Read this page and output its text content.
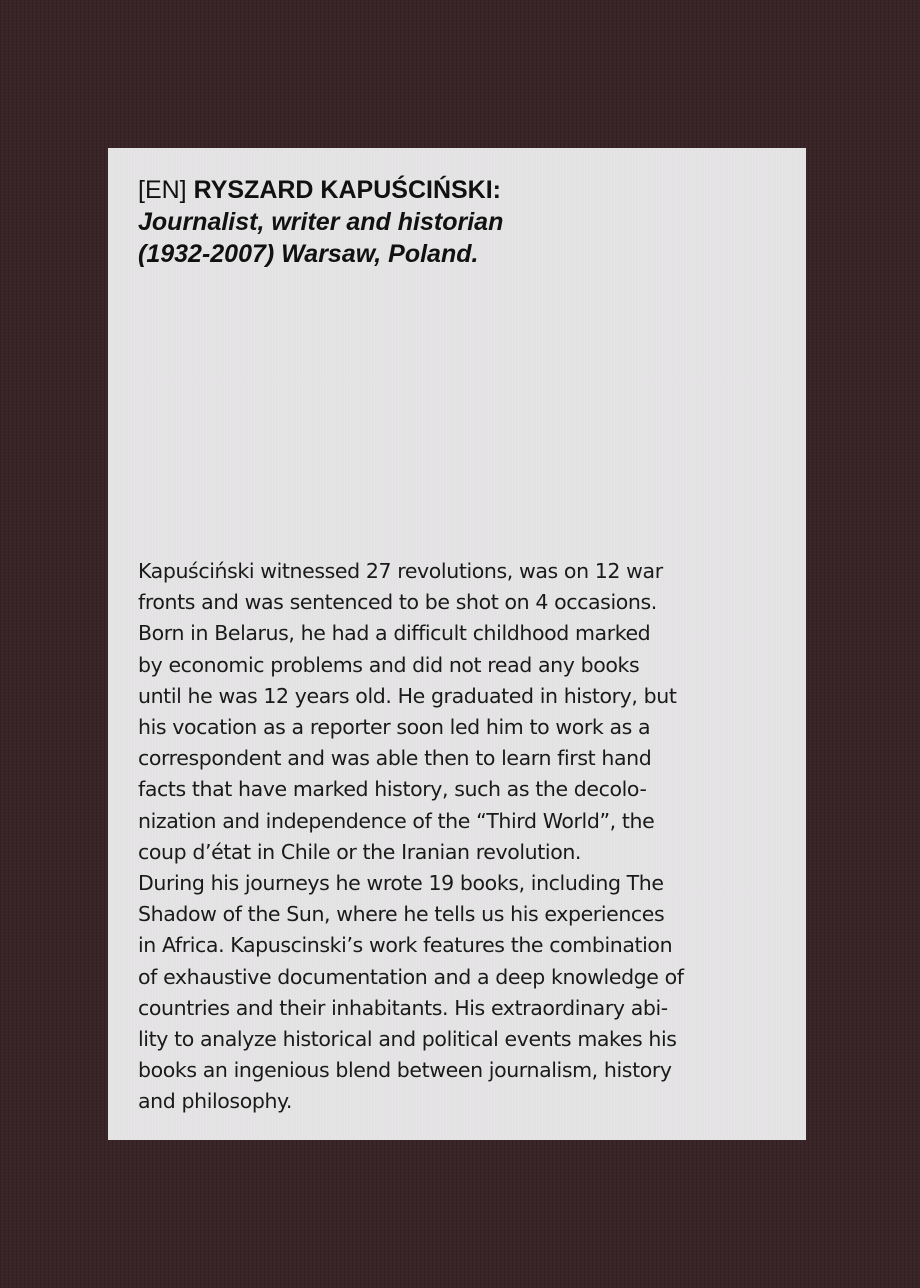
[EN] RYSZARD KAPUŚCIŃSKI:
Journalist, writer and historian
(1932-2007) Warsaw, Poland.
Kapuściński witnessed 27 revolutions, was on 12 war
fronts and was sentenced to be shot on 4 occasions.
Born in Belarus, he had a difficult childhood marked
by economic problems and did not read any books
until he was 12 years old. He graduated in history, but
his vocation as a reporter soon led him to work as a
correspondent and was able then to learn first hand
facts that have marked history, such as the decolo-
nization and independence of the “Third World”, the
coup d’état in Chile or the Iranian revolution.
During his journeys he wrote 19 books, including The
Shadow of the Sun, where he tells us his experiences
in Africa. Kapuscinski’s work features the combination
of exhaustive documentation and a deep knowledge of
countries and their inhabitants. His extraordinary abi-
lity to analyze historical and political events makes his
books an ingenious blend between journalism, history
and philosophy.
